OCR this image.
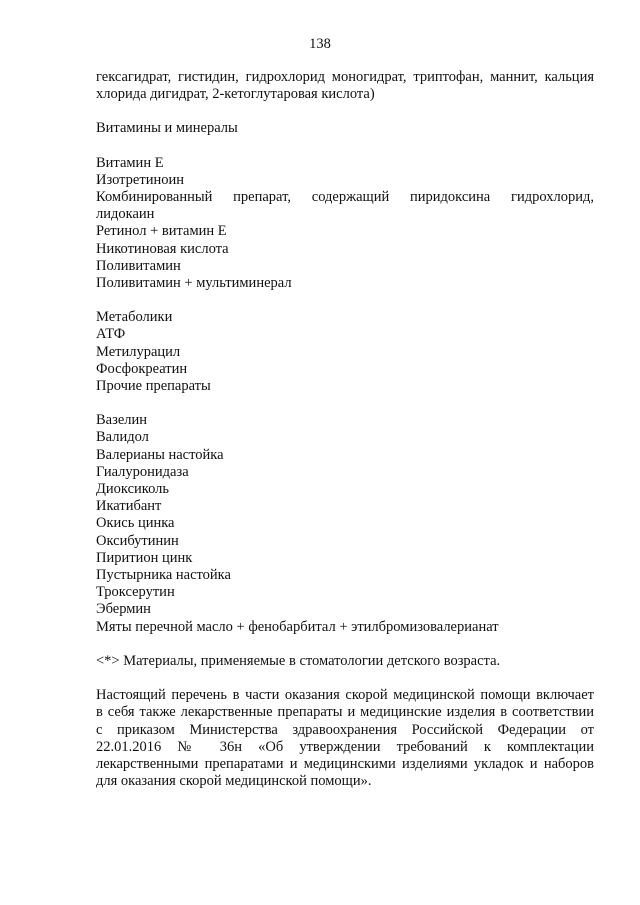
138
гексагидрат, гистидин, гидрохлорид моногидрат, триптофан, маннит, кальция
хлорида дигидрат, 2-кетоглутаровая кислота)
Витамины и минералы
Витамин Е
Изотретиноин
Комбинированный препарат, содержащий пиридоксина гидрохлорид,
лидокаин
Ретинол + витамин Е
Никотиновая кислота
Поливитамин
Поливитамин + мультиминерал
Метаболики
АТФ
Метилурацил
Фосфокреатин
Прочие препараты
Вазелин
Валидол
Валерианы настойка
Гиалуронидаза
Диоксиколь
Икатибант
Окись цинка
Оксибутинин
Пиритион цинк
Пустырника настойка
Троксерутин
Эбермин
Мяты перечной масло + фенобарбитал + этилбромизовалерианат
<*> Материалы, применяемые в стоматологии детского возраста.
Настоящий перечень в части оказания скорой медицинской помощи включает
в себя также лекарственные препараты и медицинские изделия в соответствии
с приказом Министерства здравоохранения Российской Федерации от
22.01.2016 № 36н «Об утверждении требований к комплектации
лекарственными препаратами и медицинскими изделиями укладок и наборов
для оказания скорой медицинской помощи».
